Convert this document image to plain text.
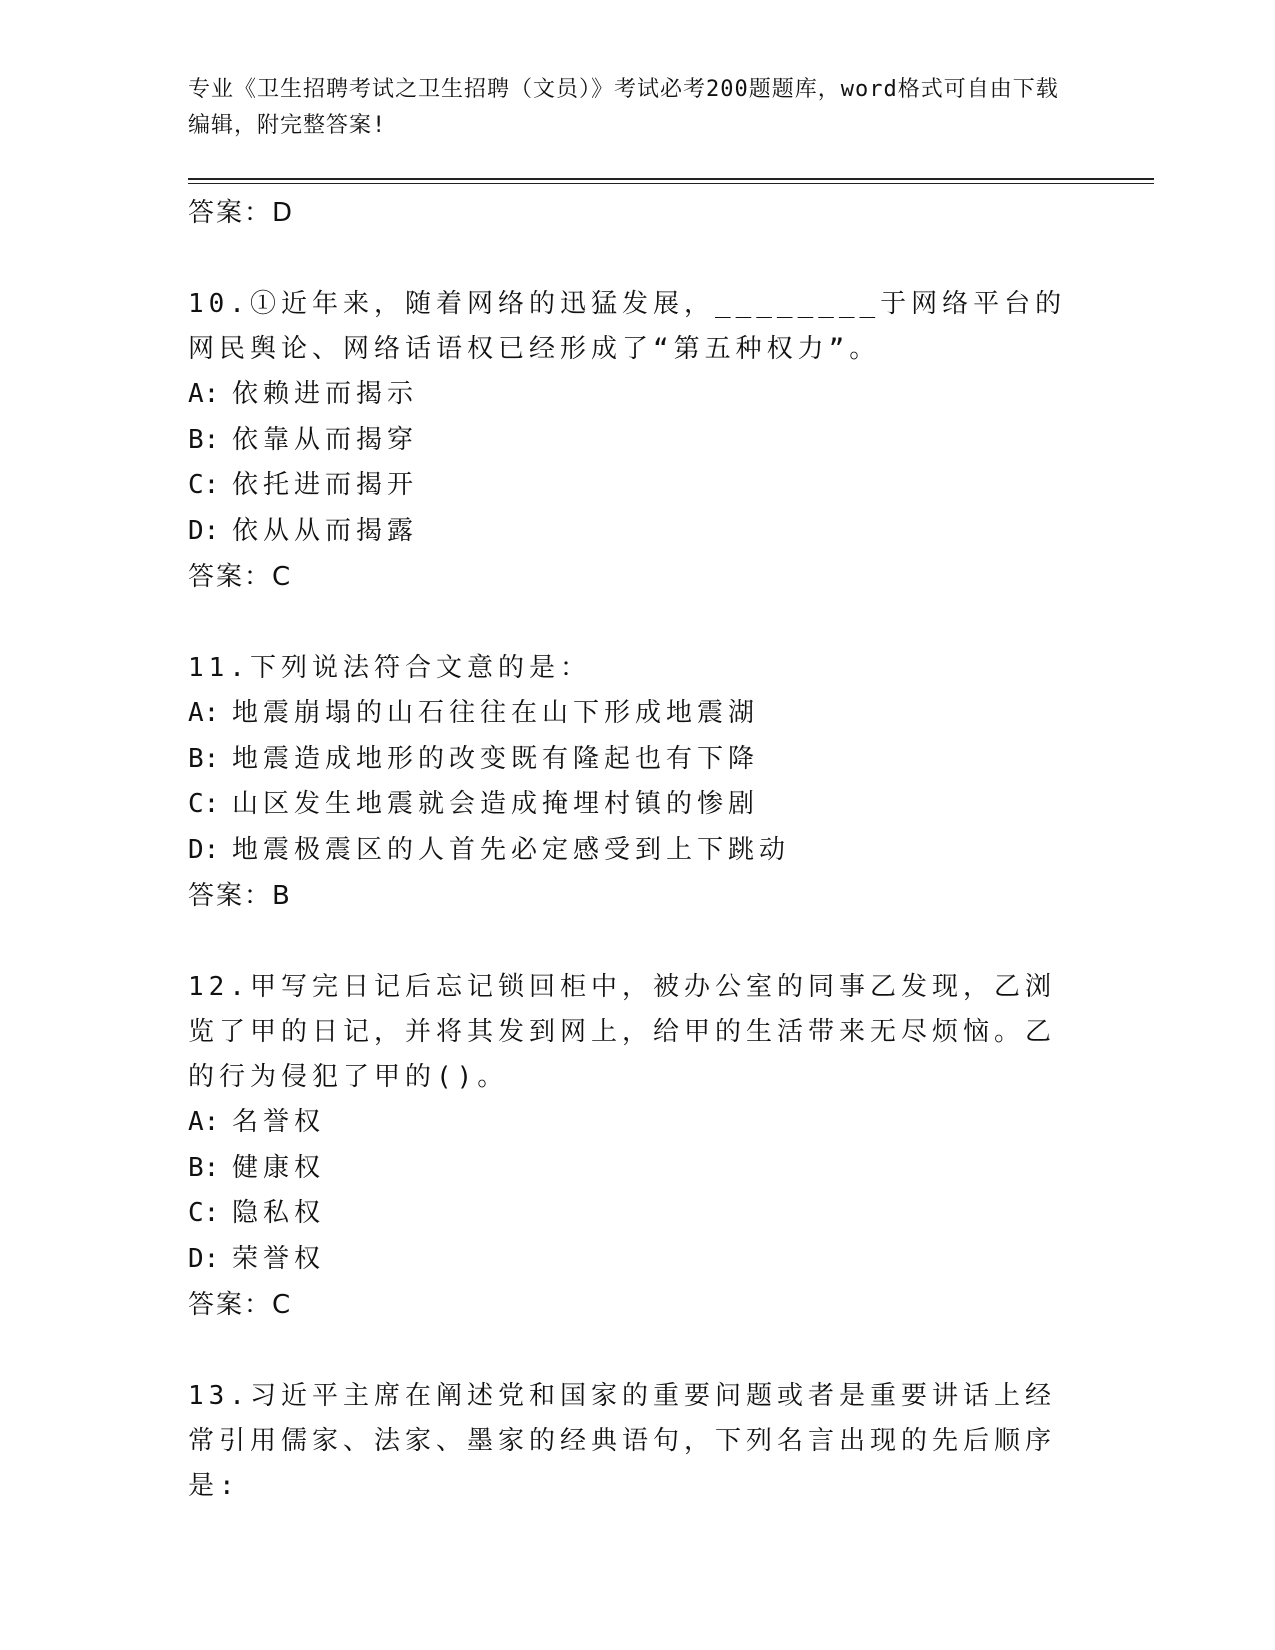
专业《卫生招聘考试之卫生招聘（文员）》考试必考200题题库，word格式可自由下载编辑，附完整答案!
答案：D

10.①近年来，随着网络的迅猛发展，________于网络平台的网民舆论、网络话语权已经形成了“第五种权力”。

A: 依赖进而揭示
B: 依靠从而揭穿
C: 依托进而揭开
D: 依从从而揭露
答案：C

11.下列说法符合文意的是：

A: 地震崩塌的山石往往在山下形成地震湖
B: 地震造成地形的改变既有隆起也有下降
C: 山区发生地震就会造成掩埋村镇的惨剧
D: 地震极震区的人首先必定感受到上下跳动
答案：B

12.甲写完日记后忘记锁回柜中，被办公室的同事乙发现，乙浏览了甲的日记，并将其发到网上，给甲的生活带来无尽烦恼。乙的行为侵犯了甲的()。

A: 名誉权
B: 健康权
C: 隐私权
D: 荣誉权
答案：C

13.习近平主席在阐述党和国家的重要问题或者是重要讲话上经常引用儒家、法家、墨家的经典语句，下列名言出现的先后顺序是:
